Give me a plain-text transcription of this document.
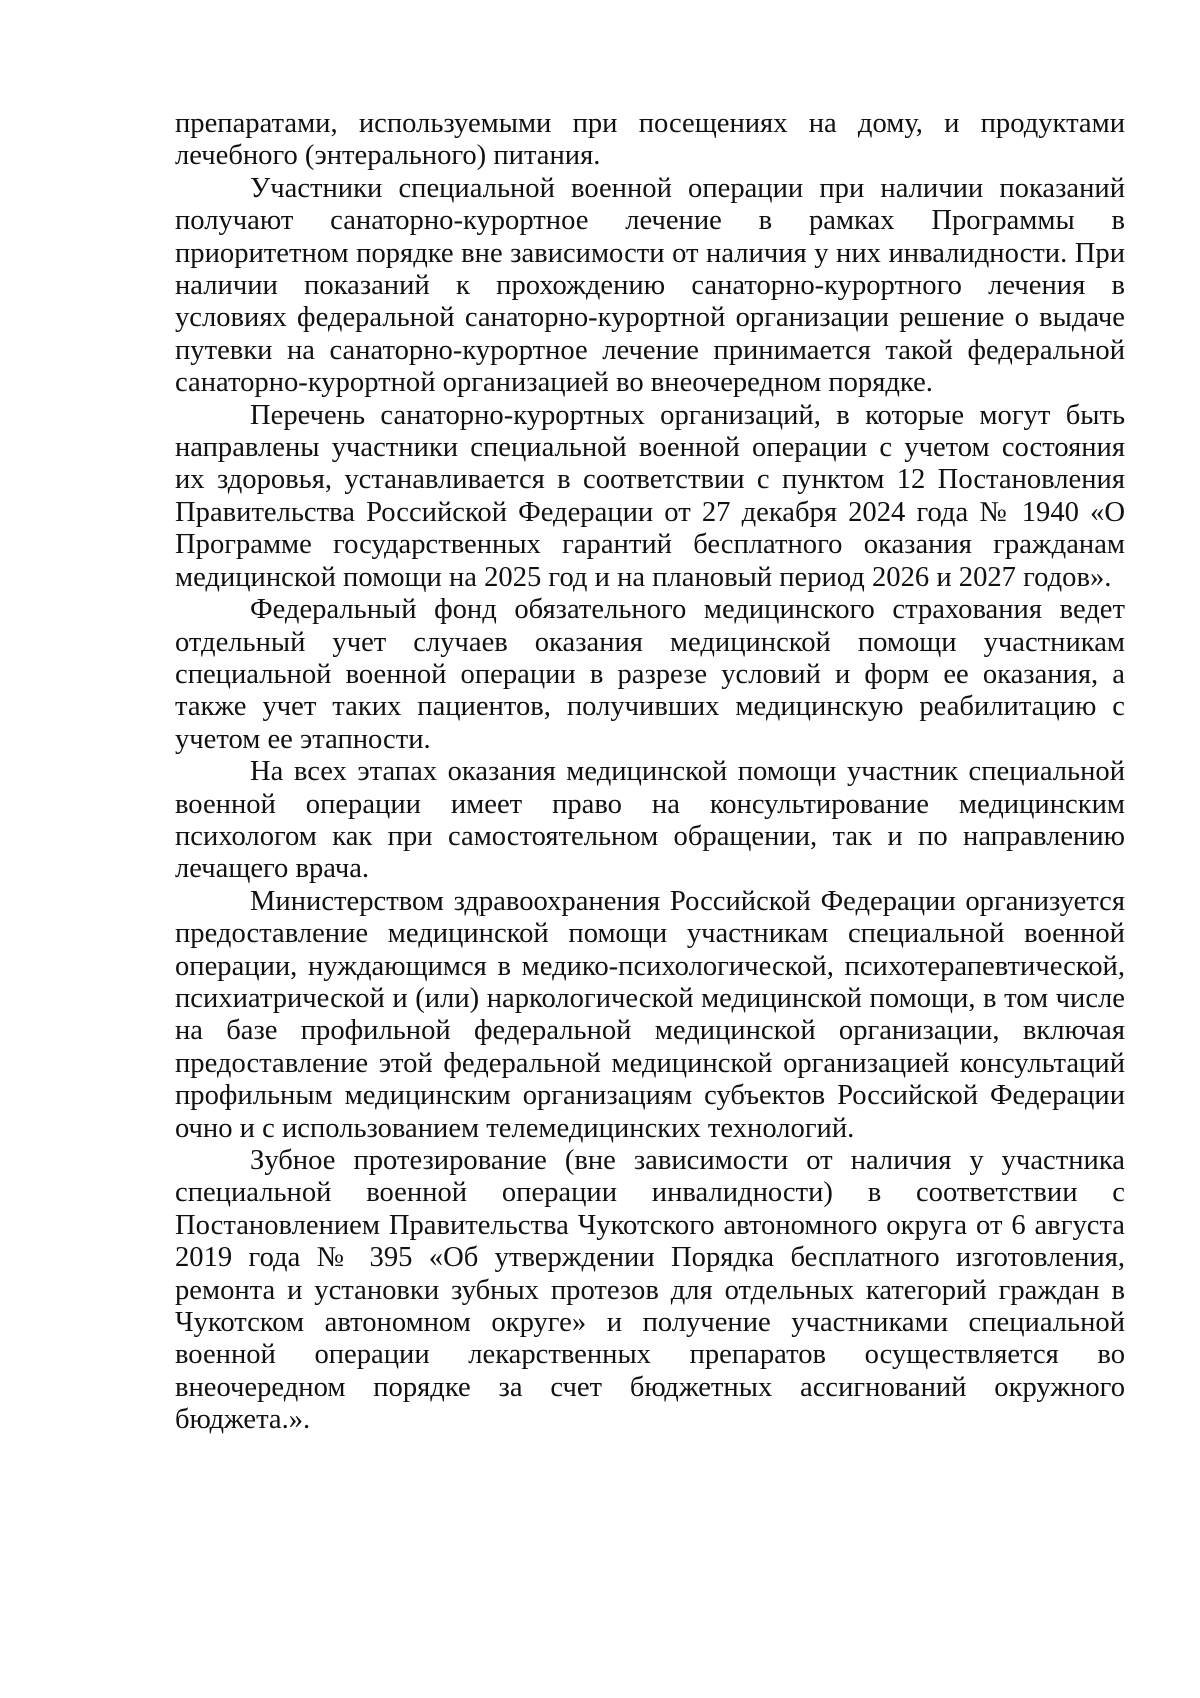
препаратами, используемыми при посещениях на дому, и продуктами лечебного (энтерального) питания.

Участники специальной военной операции при наличии показаний получают санаторно-курортное лечение в рамках Программы в приоритетном порядке вне зависимости от наличия у них инвалидности. При наличии показаний к прохождению санаторно-курортного лечения в условиях федеральной санаторно-курортной организации решение о выдаче путевки на санаторно-курортное лечение принимается такой федеральной санаторно-курортной организацией во внеочередном порядке.

Перечень санаторно-курортных организаций, в которые могут быть направлены участники специальной военной операции с учетом состояния их здоровья, устанавливается в соответствии с пунктом 12 Постановления Правительства Российской Федерации от 27 декабря 2024 года № 1940 «О Программе государственных гарантий бесплатного оказания гражданам медицинской помощи на 2025 год и на плановый период 2026 и 2027 годов».

Федеральный фонд обязательного медицинского страхования ведет отдельный учет случаев оказания медицинской помощи участникам специальной военной операции в разрезе условий и форм ее оказания, а также учет таких пациентов, получивших медицинскую реабилитацию с учетом ее этапности.

На всех этапах оказания медицинской помощи участник специальной военной операции имеет право на консультирование медицинским психологом как при самостоятельном обращении, так и по направлению лечащего врача.

Министерством здравоохранения Российской Федерации организуется предоставление медицинской помощи участникам специальной военной операции, нуждающимся в медико-психологической, психотерапевтической, психиатрической и (или) наркологической медицинской помощи, в том числе на базе профильной федеральной медицинской организации, включая предоставление этой федеральной медицинской организацией консультаций профильным медицинским организациям субъектов Российской Федерации очно и с использованием телемедицинских технологий.

Зубное протезирование (вне зависимости от наличия у участника специальной военной операции инвалидности) в соответствии с Постановлением Правительства Чукотского автономного округа от 6 августа 2019 года № 395 «Об утверждении Порядка бесплатного изготовления, ремонта и установки зубных протезов для отдельных категорий граждан в Чукотском автономном округе» и получение участниками специальной военной операции лекарственных препаратов осуществляется во внеочередном порядке за счет бюджетных ассигнований окружного бюджета.».
